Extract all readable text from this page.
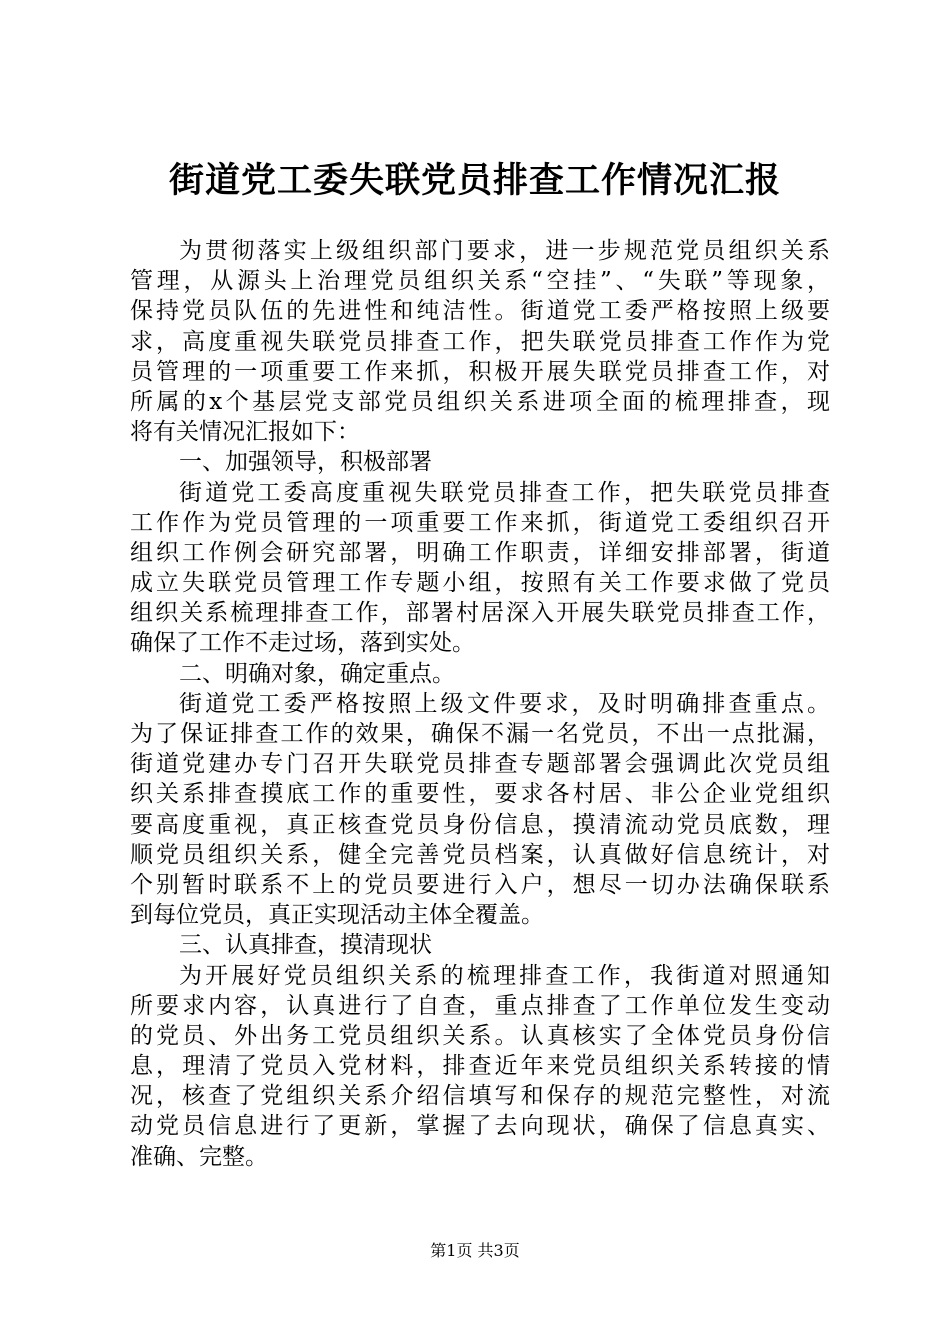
街道党工委失联党员排查工作情况汇报
为贯彻落实上级组织部门要求，进一步规范党员组织关系
管理，从源头上治理党员组织关系“空挂”、“失联”等现象，
保持党员队伍的先进性和纯洁性。街道党工委严格按照上级要
求，高度重视失联党员排查工作，把失联党员排查工作作为党
员管理的一项重要工作来抓，积极开展失联党员排查工作，对
所属的x个基层党支部党员组织关系进项全面的梳理排查，现
将有关情况汇报如下：
一、加强领导，积极部署
街道党工委高度重视失联党员排查工作，把失联党员排查
工作作为党员管理的一项重要工作来抓，街道党工委组织召开
组织工作例会研究部署，明确工作职责，详细安排部署，街道
成立失联党员管理工作专题小组，按照有关工作要求做了党员
组织关系梳理排查工作，部署村居深入开展失联党员排查工作，
确保了工作不走过场，落到实处。
二、明确对象，确定重点。
街道党工委严格按照上级文件要求，及时明确排查重点。
为了保证排查工作的效果，确保不漏一名党员，不出一点批漏，
街道党建办专门召开失联党员排查专题部署会强调此次党员组
织关系排查摸底工作的重要性，要求各村居、非公企业党组织
要高度重视，真正核查党员身份信息，摸清流动党员底数，理
顺党员组织关系，健全完善党员档案，认真做好信息统计，对
个别暂时联系不上的党员要进行入户，想尽一切办法确保联系
到每位党员，真正实现活动主体全覆盖。
三、认真排查，摸清现状
为开展好党员组织关系的梳理排查工作，我街道对照通知
所要求内容，认真进行了自查，重点排查了工作单位发生变动
的党员、外出务工党员组织关系。认真核实了全体党员身份信
息，理清了党员入党材料，排查近年来党员组织关系转接的情
况，核查了党组织关系介绍信填写和保存的规范完整性，对流
动党员信息进行了更新，掌握了去向现状，确保了信息真实、
准确、完整。
第1页 共3页
